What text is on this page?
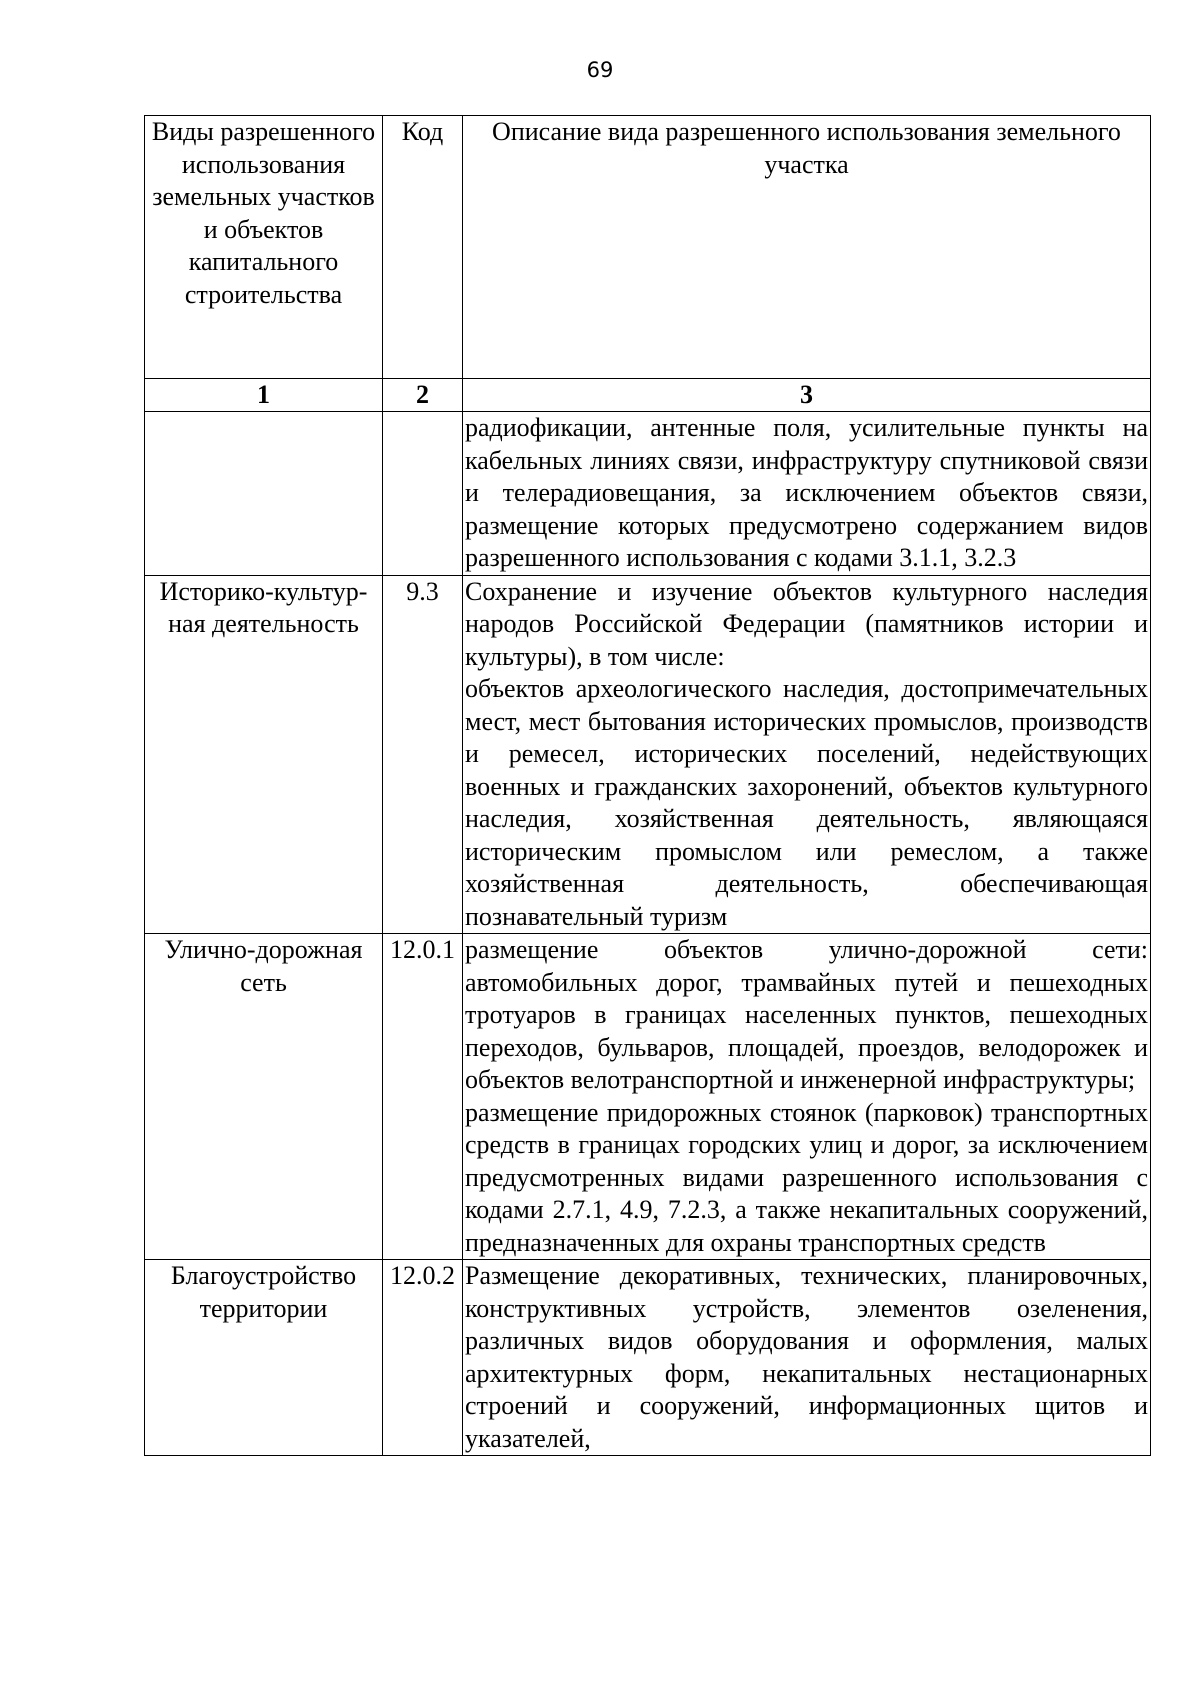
69
Виды разрешенного использования земельных участков и объектов капитального строительства	Код	Описание вида разрешенного использования земельного участка
1	2	3

		радиофикации, антенные поля, усилительные пункты на кабельных линиях связи, инфраструктуру спутниковой связи и телерадиовещания, за исключением объектов связи, размещение которых предусмотрено содержанием видов разрешенного использования с кодами 3.1.1, 3.2.3

Историко-культур-ная деятельность	9.3	Сохранение и изучение объектов культурного наследия народов Российской Федерации (памятников истории и культуры), в том числе:
объектов археологического наследия, достопримечательных мест, мест бытования исторических промыслов, производств и ремесел, исторических поселений, недействующих военных и гражданских захоронений, объектов культурного наследия, хозяйственная деятельность, являющаяся историческим промыслом или ремеслом, а также хозяйственная деятельность, обеспечивающая познавательный туризм

Улично-дорожная сеть	12.0.1	размещение объектов улично-дорожной сети: автомобильных дорог, трамвайных путей и пешеходных тротуаров в границах населенных пунктов, пешеходных переходов, бульваров, площадей, проездов, велодорожек и объектов велотранспортной и инженерной инфраструктуры;
размещение придорожных стоянок (парковок) транспортных средств в границах городских улиц и дорог, за исключением предусмотренных видами разрешенного использования с кодами 2.7.1, 4.9, 7.2.3, а также некапитальных сооружений, предназначенных для охраны транспортных средств

Благоустройство территории	12.0.2	Размещение декоративных, технических, планировочных, конструктивных устройств, элементов озеленения, различных видов оборудования и оформления, малых архитектурных форм, некапитальных нестационарных строений и сооружений, информационных щитов и указателей,
